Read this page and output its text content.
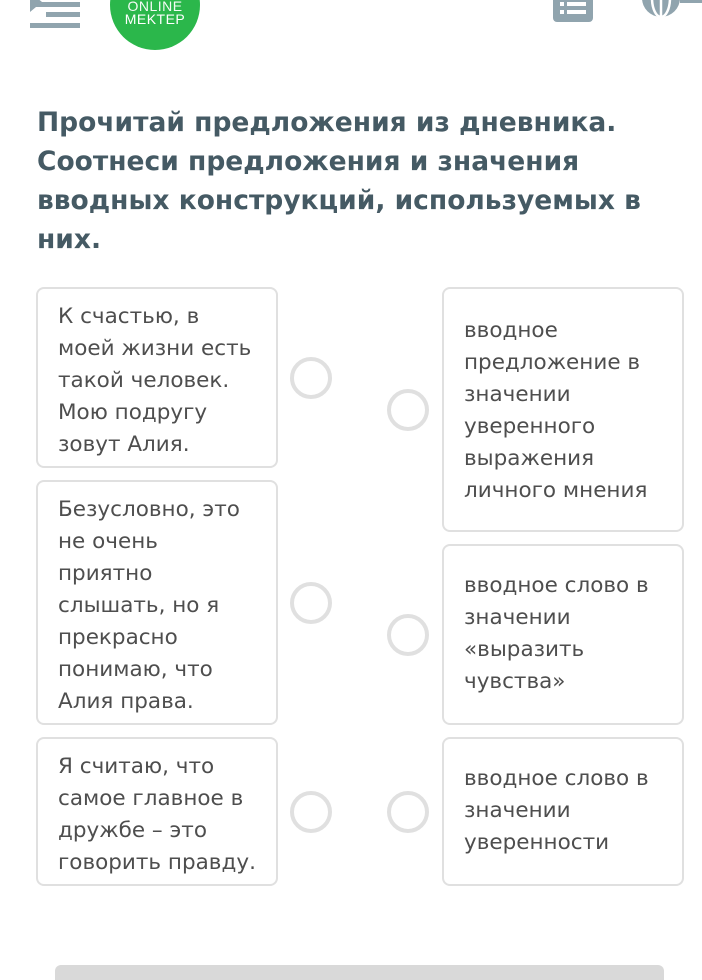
ONLINE
MEKTEP

Прочитай предложения из дневника. Соотнеси предложения и значения вводных конструкций, используемых в них.

К счастью, в моей жизни есть такой человек. Мою подругу зовут Алия.
Безусловно, это не очень приятно слышать, но я прекрасно понимаю, что Алия права.
Я считаю, что самое главное в дружбе – это говорить правду.
вводное предложение в значении уверенного выражения личного мнения
вводное слово в значении «выразить чувства»
вводное слово в значении уверенности
